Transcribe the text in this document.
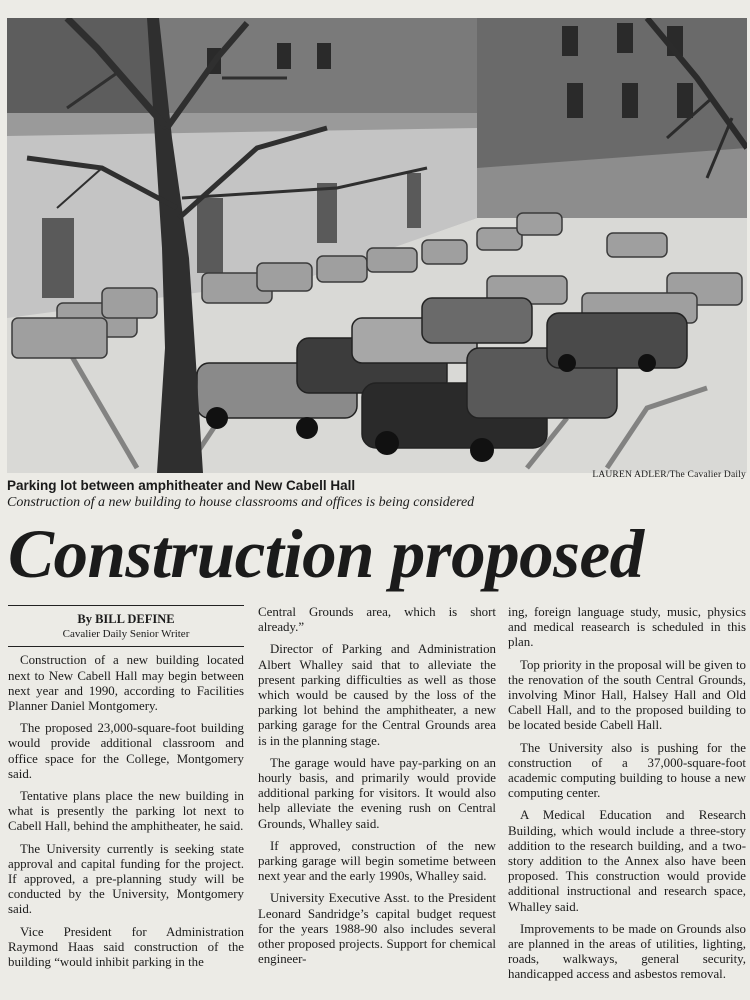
LAUREN ADLER/The Cavalier Daily
Parking lot between amphitheater and New Cabell Hall
Construction of a new building to house classrooms and offices is being considered
Construction proposed
By BILL DEFINE
Cavalier Daily Senior Writer

Construction of a new building located next to New Cabell Hall may begin between next year and 1990, according to Facilities Planner Daniel Montgomery.

The proposed 23,000-square-foot building would provide additional classroom and office space for the College, Montgomery said.

Tentative plans place the new building in what is presently the parking lot next to Cabell Hall, behind the amphitheater, he said.

The University currently is seeking state approval and capital funding for the project. If approved, a pre-planning study will be conducted by the University, Montgomery said.

Vice President for Administration Raymond Haas said construction of the building “would inhibit parking in the

Central Grounds area, which is short already.”

Director of Parking and Administration Albert Whalley said that to alleviate the present parking difficulties as well as those which would be caused by the loss of the parking lot behind the amphitheater, a new parking garage for the Central Grounds area is in the planning stage.

The garage would have pay-parking on an hourly basis, and primarily would provide additional parking for visitors. It would also help alleviate the evening rush on Central Grounds, Whalley said.

If approved, construction of the new parking garage will begin sometime between next year and the early 1990s, Whalley said.

University Executive Asst. to the President Leonard Sandridge’s capital budget request for the years 1988-90 also includes several other proposed projects. Support for chemical engineer-

ing, foreign language study, music, physics and medical reasearch is scheduled in this plan.

Top priority in the proposal will be given to the renovation of the south Central Grounds, involving Minor Hall, Halsey Hall and Old Cabell Hall, and to the proposed building to be located beside Cabell Hall.

The University also is pushing for the construction of a 37,000-square-foot academic computing building to house a new computing center.

A Medical Education and Research Building, which would include a three-story addition to the research building, and a two-story addition to the Annex also have been proposed. This construction would provide additional instructional and research space, Whalley said.

Improvements to be made on Grounds also are planned in the areas of utilities, lighting, roads, walkways, general security, handicapped access and asbestos removal.
